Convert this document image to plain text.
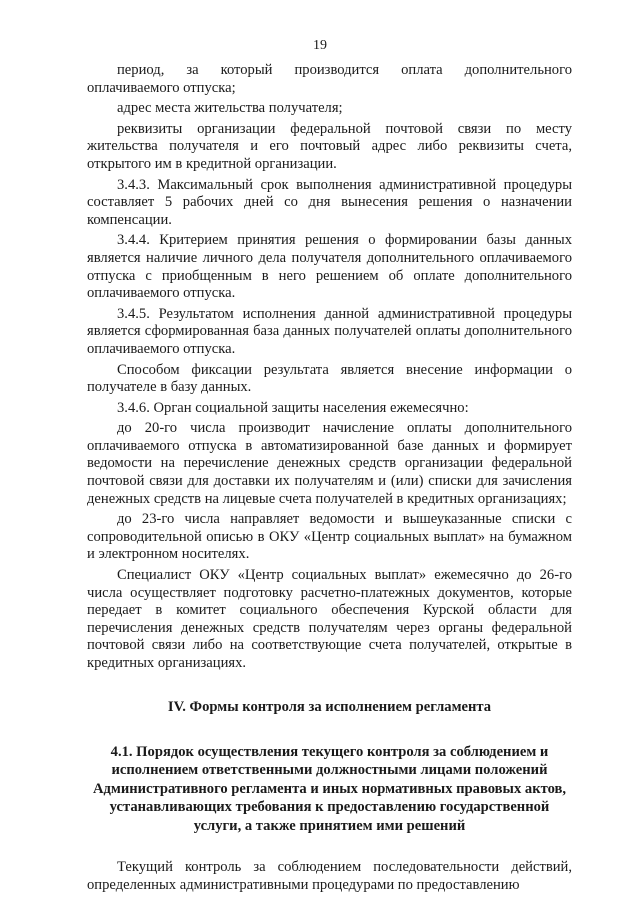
19

период, за который производится оплата дополнительного оплачиваемого отпуска;

адрес места жительства получателя;

реквизиты организации федеральной почтовой связи по месту жительства получателя и его почтовый адрес либо реквизиты счета, открытого им в кредитной организации.

3.4.3. Максимальный срок выполнения административной процедуры составляет 5 рабочих дней со дня вынесения решения о назначении компенсации.

3.4.4. Критерием принятия решения о формировании базы данных является наличие личного дела получателя дополнительного оплачиваемого отпуска с приобщенным в него решением об оплате дополнительного оплачиваемого отпуска.

3.4.5. Результатом исполнения данной административной процедуры является сформированная база данных получателей оплаты дополнительного оплачиваемого отпуска.

Способом фиксации результата является внесение информации о получателе в базу данных.

3.4.6. Орган социальной защиты населения ежемесячно:

до 20-го числа производит начисление оплаты дополнительного оплачиваемого отпуска в автоматизированной базе данных и формирует ведомости на перечисление денежных средств организации федеральной почтовой связи для доставки их получателям и (или) списки для зачисления денежных средств на лицевые счета получателей в кредитных организациях;

до 23-го числа направляет ведомости и вышеуказанные списки с сопроводительной описью в ОКУ «Центр социальных выплат» на бумажном и электронном носителях.

Специалист ОКУ «Центр социальных выплат» ежемесячно до 26-го числа осуществляет подготовку расчетно-платежных документов, которые передает в комитет социального обеспечения Курской области для перечисления денежных средств получателям через органы федеральной почтовой связи либо на соответствующие счета получателей, открытые в кредитных организациях.

IV. Формы контроля за исполнением регламента
4.1. Порядок осуществления текущего контроля за соблюдением и исполнением ответственными должностными лицами положений Административного регламента и иных нормативных правовых актов, устанавливающих требования к предоставлению государственной услуги, а также принятием ими решений

Текущий контроль за соблюдением последовательности действий, определенных административными процедурами по предоставлению
